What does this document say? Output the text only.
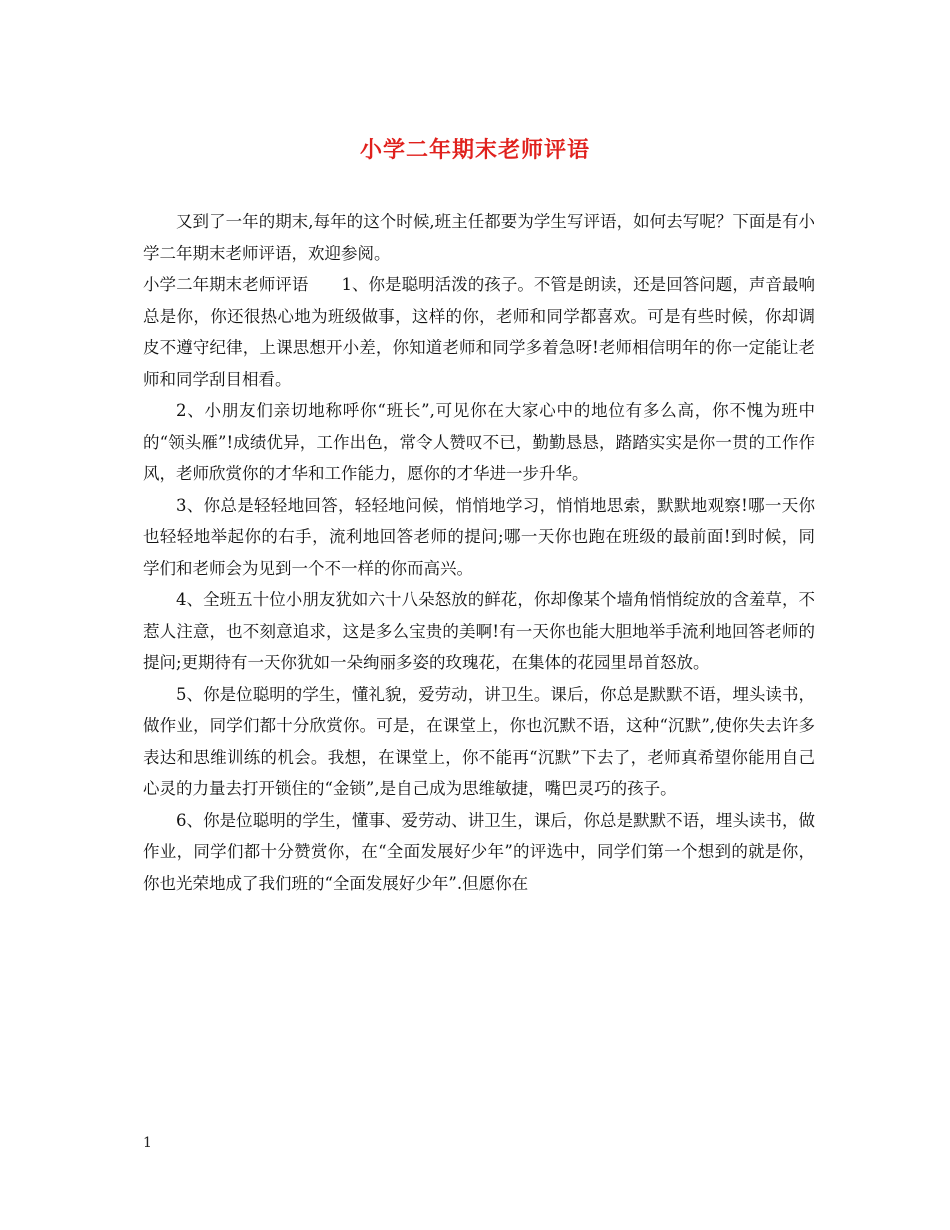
小学二年期末老师评语

又到了一年的期末,每年的这个时候,班主任都要为学生写评语，如何去写呢？下面是有小学二年期末老师评语，欢迎参阅。

小学二年期末老师评语　　1、你是聪明活泼的孩子。不管是朗读，还是回答问题，声音最响总是你，你还很热心地为班级做事，这样的你，老师和同学都喜欢。可是有些时候，你却调皮不遵守纪律，上课思想开小差，你知道老师和同学多着急呀!老师相信明年的你一定能让老师和同学刮目相看。

2、小朋友们亲切地称呼你“班长”,可见你在大家心中的地位有多么高，你不愧为班中的“领头雁”!成绩优异，工作出色，常令人赞叹不已，勤勤恳恳，踏踏实实是你一贯的工作作风，老师欣赏你的才华和工作能力，愿你的才华进一步升华。

3、你总是轻轻地回答，轻轻地问候，悄悄地学习，悄悄地思索，默默地观察!哪一天你也轻轻地举起你的右手，流利地回答老师的提问;哪一天你也跑在班级的最前面!到时候，同学们和老师会为见到一个不一样的你而高兴。

4、全班五十位小朋友犹如六十八朵怒放的鲜花，你却像某个墙角悄悄绽放的含羞草，不惹人注意，也不刻意追求，这是多么宝贵的美啊!有一天你也能大胆地举手流利地回答老师的提问;更期待有一天你犹如一朵绚丽多姿的玫瑰花，在集体的花园里昂首怒放。

5、你是位聪明的学生，懂礼貌，爱劳动，讲卫生。课后，你总是默默不语，埋头读书，做作业，同学们都十分欣赏你。可是，在课堂上，你也沉默不语，这种“沉默”,使你失去许多表达和思维训练的机会。我想，在课堂上，你不能再“沉默”下去了，老师真希望你能用自己心灵的力量去打开锁住的“金锁”,是自己成为思维敏捷，嘴巴灵巧的孩子。

6、你是位聪明的学生，懂事、爱劳动、讲卫生，课后，你总是默默不语，埋头读书，做作业，同学们都十分赞赏你，在“全面发展好少年”的评选中，同学们第一个想到的就是你，你也光荣地成了我们班的“全面发展好少年”.但愿你在

1
